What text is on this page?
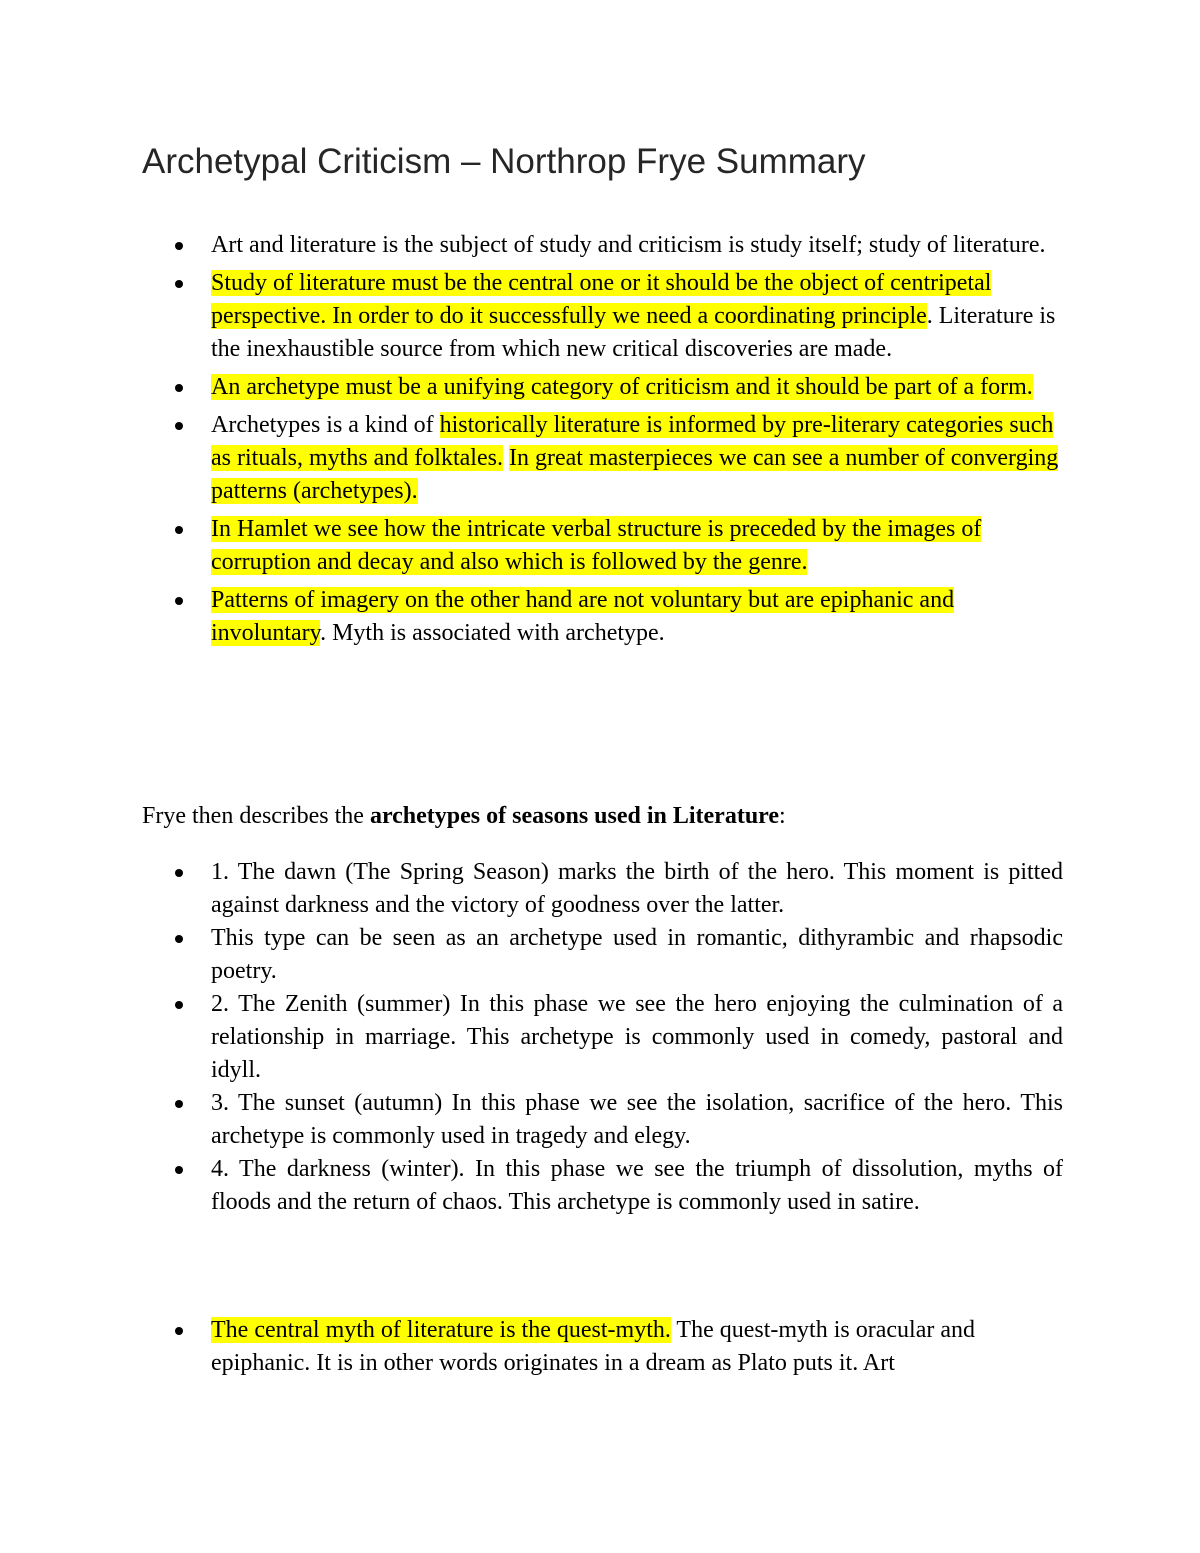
Archetypal Criticism – Northrop Frye Summary
Art and literature is the subject of study and criticism is study itself; study of literature.
Study of literature must be the central one or it should be the object of centripetal perspective. In order to do it successfully we need a coordinating principle. Literature is the inexhaustible source from which new critical discoveries are made.
An archetype must be a unifying category of criticism and it should be part of a form.
Archetypes is a kind of historically literature is informed by pre-literary categories such as rituals, myths and folktales. In great masterpieces we can see a number of converging patterns (archetypes).
In Hamlet we see how the intricate verbal structure is preceded by the images of corruption and decay and also which is followed by the genre.
Patterns of imagery on the other hand are not voluntary but are epiphanic and involuntary. Myth is associated with archetype.

Frye then describes the archetypes of seasons used in Literature:

1. The dawn (The Spring Season) marks the birth of the hero. This moment is pitted against darkness and the victory of goodness over the latter.
This type can be seen as an archetype used in romantic, dithyrambic and rhapsodic poetry.
2. The Zenith (summer) In this phase we see the hero enjoying the culmination of a relationship in marriage. This archetype is commonly used in comedy, pastoral and idyll.
3. The sunset (autumn) In this phase we see the isolation, sacrifice of the hero. This archetype is commonly used in tragedy and elegy.
4. The darkness (winter). In this phase we see the triumph of dissolution, myths of floods and the return of chaos. This archetype is commonly used in satire.
The central myth of literature is the quest-myth. The quest-myth is oracular and epiphanic. It is in other words originates in a dream as Plato puts it. Art
